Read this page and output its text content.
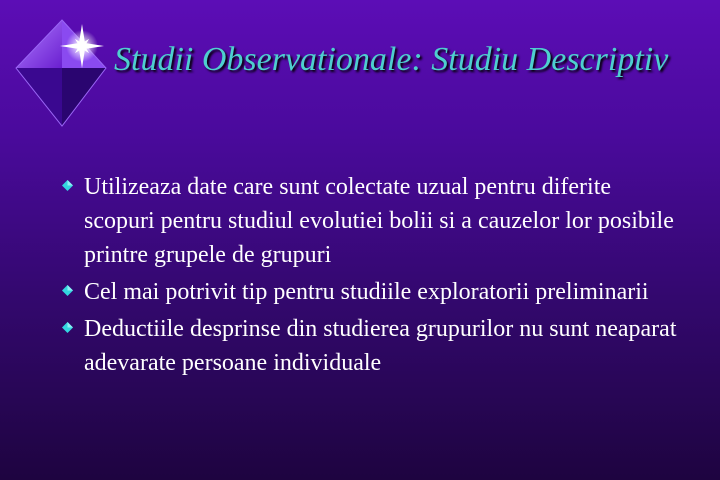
Studii Observationale: Studiu Descriptiv
Utilizeaza date care sunt colectate uzual pentru diferite scopuri pentru studiul evolutiei bolii si a cauzelor lor posibile printre grupele de grupuri
Cel mai potrivit tip pentru studiile exploratorii preliminarii
Deductiile desprinse din studierea grupurilor nu sunt neaparat adevarate persoane individuale
